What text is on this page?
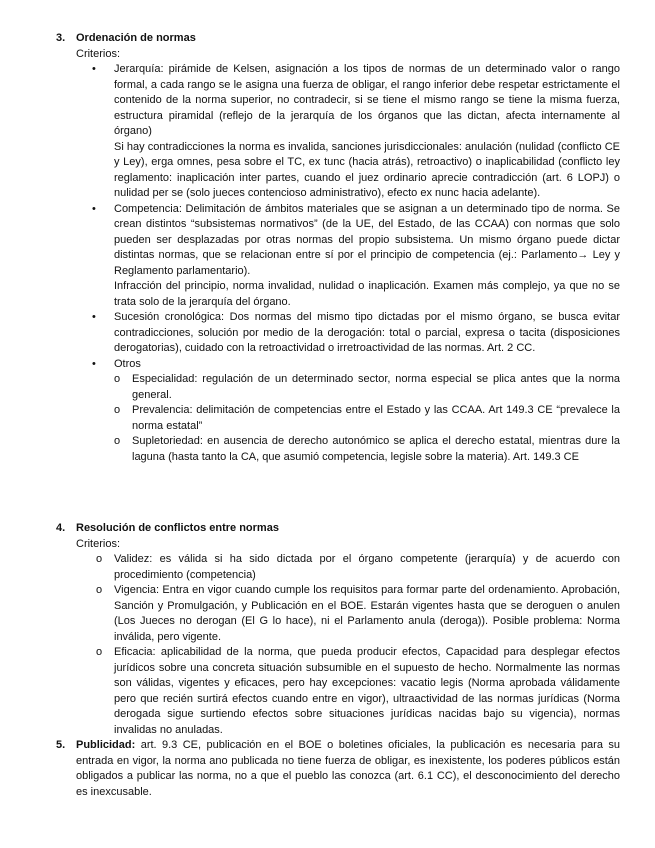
3. Ordenación de normas
Criterios:
• Jerarquía: pirámide de Kelsen, asignación a los tipos de normas de un determinado valor o rango formal, a cada rango se le asigna una fuerza de obligar, el rango inferior debe respetar estrictamente el contenido de la norma superior, no contradecir, si se tiene el mismo rango se tiene la misma fuerza, estructura piramidal (reflejo de la jerarquía de los órganos que las dictan, afecta internamente al órgano)

Si hay contradicciones la norma es invalida, sanciones jurisdiccionales: anulación (nulidad (conflicto CE y Ley), erga omnes, pesa sobre el TC, ex tunc (hacia atrás), retroactivo) o inaplicabilidad (conflicto ley reglamento: inaplicación inter partes, cuando el juez ordinario aprecie contradicción (art. 6 LOPJ) o nulidad per se (solo jueces contencioso administrativo), efecto ex nunc hacia adelante).

• Competencia: Delimitación de ámbitos materiales que se asignan a un determinado tipo de norma. Se crean distintos “subsistemas normativos” (de la UE, del Estado, de las CCAA) con normas que solo pueden ser desplazadas por otras normas del propio subsistema. Un mismo órgano puede dictar distintas normas, que se relacionan entre sí por el principio de competencia (ej.: Parlamento→ Ley y Reglamento parlamentario).

Infracción del principio, norma invalidad, nulidad o inaplicación. Examen más complejo, ya que no se trata solo de la jerarquía del órgano.

• Sucesión cronológica: Dos normas del mismo tipo dictadas por el mismo órgano, se busca evitar contradicciones, solución por medio de la derogación: total o parcial, expresa o tacita (disposiciones derogatorias), cuidado con la retroactividad o irretroactividad de las normas. Art. 2 CC.

• Otros

o Especialidad: regulación de un determinado sector, norma especial se plica antes que la norma general.
o Prevalencia: delimitación de competencias entre el Estado y las CCAA. Art 149.3 CE “prevalece la norma estatal”
o Supletoriedad: en ausencia de derecho autonómico se aplica el derecho estatal, mientras dure la laguna (hasta tanto la CA, que asumió competencia, legisle sobre la materia). Art. 149.3 CE
4. Resolución de conflictos entre normas
Criterios:
o Validez: es válida si ha sido dictada por el órgano competente (jerarquía) y de acuerdo con procedimiento (competencia)
o Vigencia: Entra en vigor cuando cumple los requisitos para formar parte del ordenamiento. Aprobación, Sanción y Promulgación, y Publicación en el BOE. Estarán vigentes hasta que se deroguen o anulen (Los Jueces no derogan (El G lo hace), ni el Parlamento anula (deroga)). Posible problema: Norma inválida, pero vigente.
o Eficacia: aplicabilidad de la norma, que pueda producir efectos, Capacidad para desplegar efectos jurídicos sobre una concreta situación subsumible en el supuesto de hecho. Normalmente las normas son válidas, vigentes y eficaces, pero hay excepciones: vacatio legis (Norma aprobada válidamente pero que recién surtirá efectos cuando entre en vigor), ultraactividad de las normas jurídicas (Norma derogada sigue surtiendo efectos sobre situaciones jurídicas nacidas bajo su vigencia), normas invalidas no anuladas.
5. Publicidad: art. 9.3 CE, publicación en el BOE o boletines oficiales, la publicación es necesaria para su entrada en vigor, la norma ano publicada no tiene fuerza de obligar, es inexistente, los poderes públicos están obligados a publicar las norma, no a que el pueblo las conozca (art. 6.1 CC), el desconocimiento del derecho es inexcusable.
